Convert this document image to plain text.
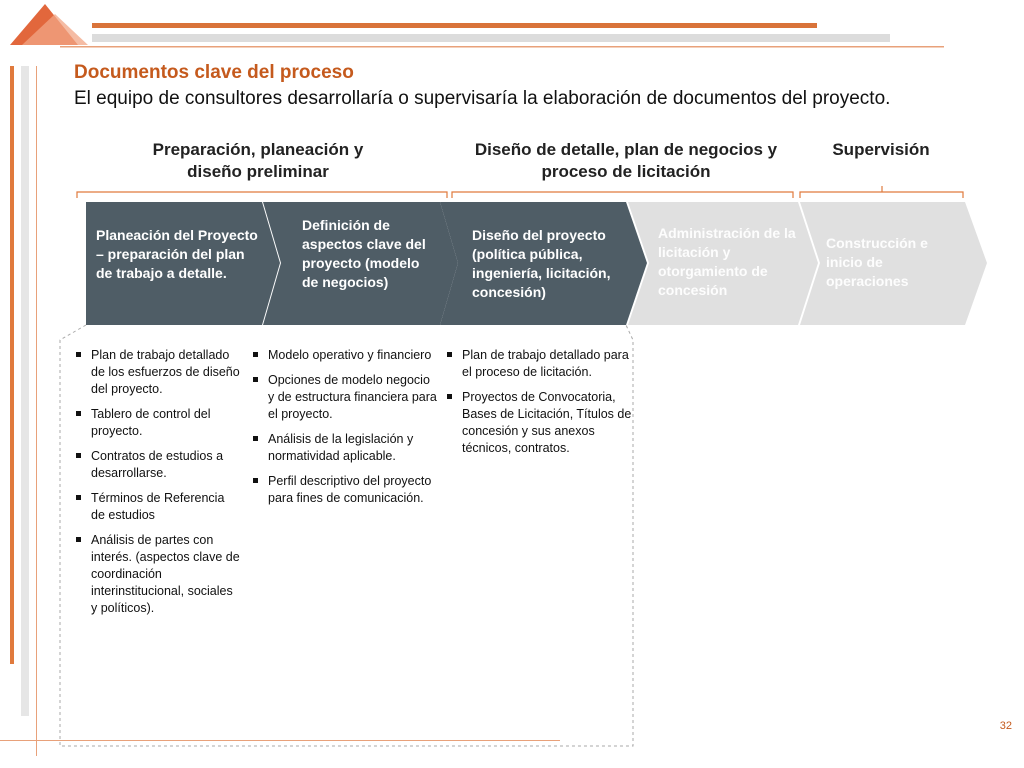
Documentos clave del proceso
El equipo de consultores desarrollaría o supervisaría la elaboración de documentos del proyecto.
Preparación, planeación y diseño preliminar
Diseño de detalle, plan de negocios y proceso de licitación
Supervisión
Planeación del Proyecto – preparación del plan de trabajo a detalle.
Definición de aspectos clave del proyecto (modelo de negocios)
Diseño del proyecto (política pública, ingeniería, licitación, concesión)
Administración de la licitación y otorgamiento de concesión
Construcción e inicio de operaciones
Plan de trabajo detallado de los esfuerzos de diseño del proyecto.
Tablero de control del proyecto.
Contratos de estudios a desarrollarse.
Términos de Referencia de estudios
Análisis de partes con interés. (aspectos clave de coordinación interinstitucional, sociales y políticos).
Modelo operativo y financiero
Opciones de modelo negocio y de estructura financiera para el proyecto.
Análisis de la legislación y normatividad aplicable.
Perfil descriptivo del proyecto para fines de comunicación.
Plan de trabajo detallado para el proceso de licitación.
Proyectos de Convocatoria, Bases de Licitación, Títulos de concesión y sus anexos técnicos, contratos.
32
